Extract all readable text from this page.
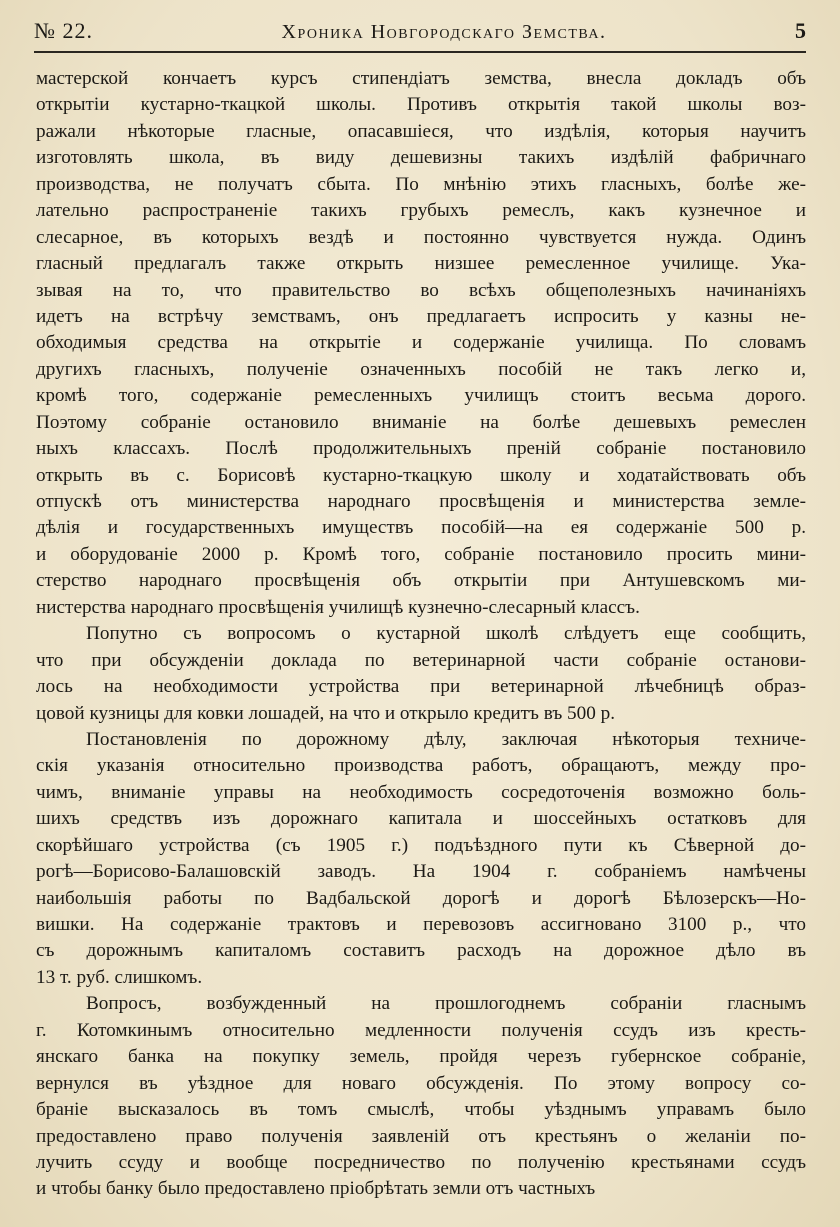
№ 22.	Хроника Новгородскаго Земства.	5
мастерской кончаетъ курсъ стипендіатъ земства, внесла докладъ объ
открытіи кустарно-ткацкой школы. Противъ открытія такой школы воз-
ражали нѣкоторые гласные, опасавшіеся, что издѣлія, которыя научитъ
изготовлять школа, въ виду дешевизны такихъ издѣлій фабричнаго
производства, не получатъ сбыта. По мнѣнію этихъ гласныхъ, болѣе же-
лательно распространеніе такихъ грубыхъ ремеслъ, какъ кузнечное и
слесарное, въ которыхъ вездѣ и постоянно чувствуется нужда. Одинъ
гласный предлагалъ также открыть низшее ремесленное училище. Ука-
зывая на то, что правительство во всѣхъ общеполезныхъ начинаніяхъ
идетъ на встрѣчу земствамъ, онъ предлагаетъ испросить у казны не-
обходимыя средства на открытіе и содержаніе училища. По словамъ
другихъ гласныхъ, полученіе означенныхъ пособій не такъ легко и,
кромѣ того, содержаніе ремесленныхъ училищъ стоитъ весьма дорого.
Поэтому собраніе остановило вниманіе на болѣе дешевыхъ ремеслен
ныхъ классахъ. Послѣ продолжительныхъ преній собраніе постановило
открыть въ с. Борисовѣ кустарно-ткацкую школу и ходатайствовать объ
отпускѣ отъ министерства народнаго просвѣщенія и министерства земле-
дѣлія и государственныхъ имуществъ пособій—на ея содержаніе 500 р.
и оборудованіе 2000 р. Кромѣ того, собраніе постановило просить мини-
стерство народнаго просвѣщенія объ открытіи при Антушевскомъ ми-
нистерства народнаго просвѣщенія училищѣ кузнечно-слесарный классъ.
Попутно съ вопросомъ о кустарной школѣ слѣдуетъ еще сообщить,
что при обсужденіи доклада по ветеринарной части собраніе останови-
лось на необходимости устройства при ветеринарной лѣчебницѣ образ-
цовой кузницы для ковки лошадей, на что и открыло кредитъ въ 500 р.
Постановленія по дорожному дѣлу, заключая нѣкоторыя техниче-
скія указанія относительно производства работъ, обращаютъ, между про-
чимъ, вниманіе управы на необходимость сосредоточенія возможно боль-
шихъ средствъ изъ дорожнаго капитала и шоссейныхъ остатковъ для
скорѣйшаго устройства (съ 1905 г.) подъѣздного пути къ Сѣверной до-
рогѣ—Борисово-Балашовскій заводъ. На 1904 г. собраніемъ намѣчены
наибольшія работы по Вадбальской дорогѣ и дорогѣ Бѣлозерскъ—Но-
вишки. На содержаніе трактовъ и перевозовъ ассигновано 3100 р., что
съ дорожнымъ капиталомъ составитъ расходъ на дорожное дѣло въ
13 т. руб. слишкомъ.
Вопросъ, возбужденный на прошлогоднемъ собраніи гласнымъ
г. Котомкинымъ относительно медленности полученія ссудъ изъ кресть-
янскаго банка на покупку земель, пройдя черезъ губернское собраніе,
вернулся въ уѣздное для новаго обсужденія. По этому вопросу со-
браніе высказалось въ томъ смыслѣ, чтобы уѣзднымъ управамъ было
предоставлено право полученія заявленій отъ крестьянъ о желаніи по-
лучить ссуду и вообще посредничество по полученію крестьянами ссудъ
и чтобы банку было предоставлено пріобрѣтать земли отъ частныхъ
